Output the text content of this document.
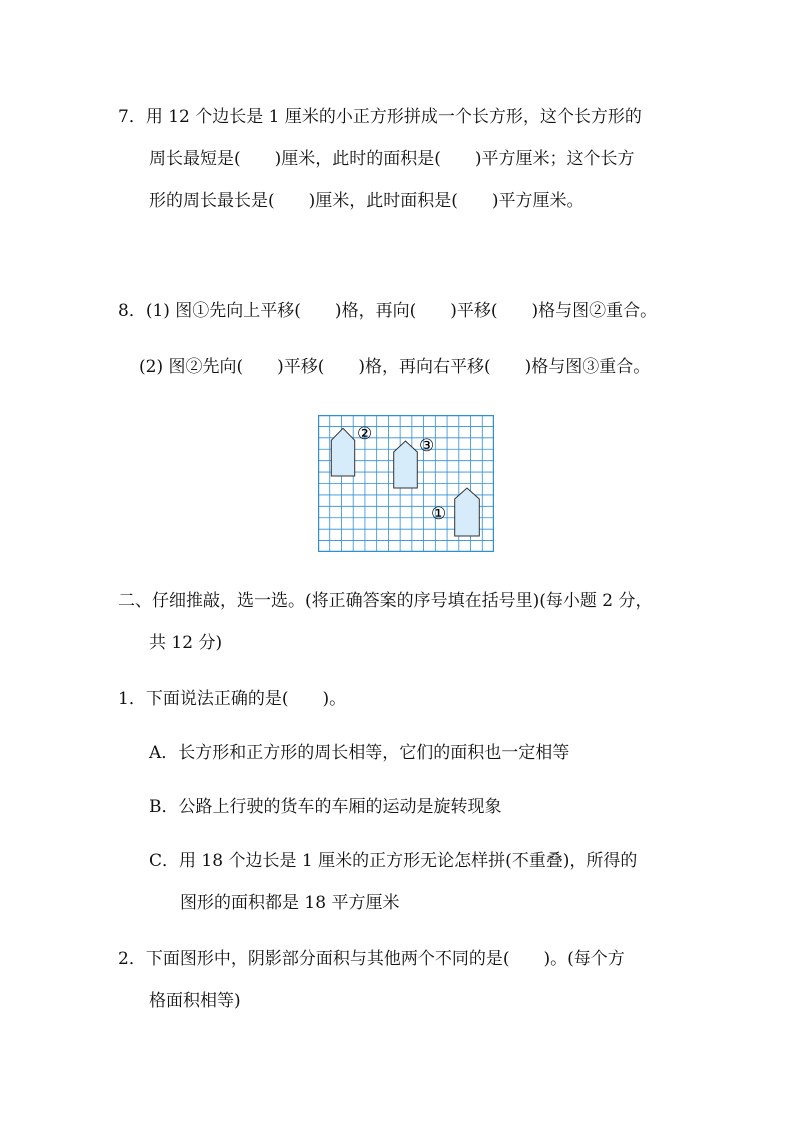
7．用 12 个边长是 1 厘米的小正方形拼成一个长方形，这个长方形的
周长最短是(　　)厘米，此时的面积是(　　)平方厘米；这个长方
形的周长最长是(　　)厘米，此时面积是(　　)平方厘米。
8．(1) 图①先向上平移(　　)格，再向(　　)平移(　　)格与图②重合。
(2) 图②先向(　　)平移(　　)格，再向右平移(　　)格与图③重合。
②
③
①
二、仔细推敲，选一选。(将正确答案的序号填在括号里)(每小题 2 分，
共 12 分)
1．下面说法正确的是(　　)。
A．长方形和正方形的周长相等，它们的面积也一定相等
B．公路上行驶的货车的车厢的运动是旋转现象
C．用 18 个边长是 1 厘米的正方形无论怎样拼(不重叠)，所得的
图形的面积都是 18 平方厘米
2．下面图形中，阴影部分面积与其他两个不同的是(　　)。(每个方
格面积相等)
